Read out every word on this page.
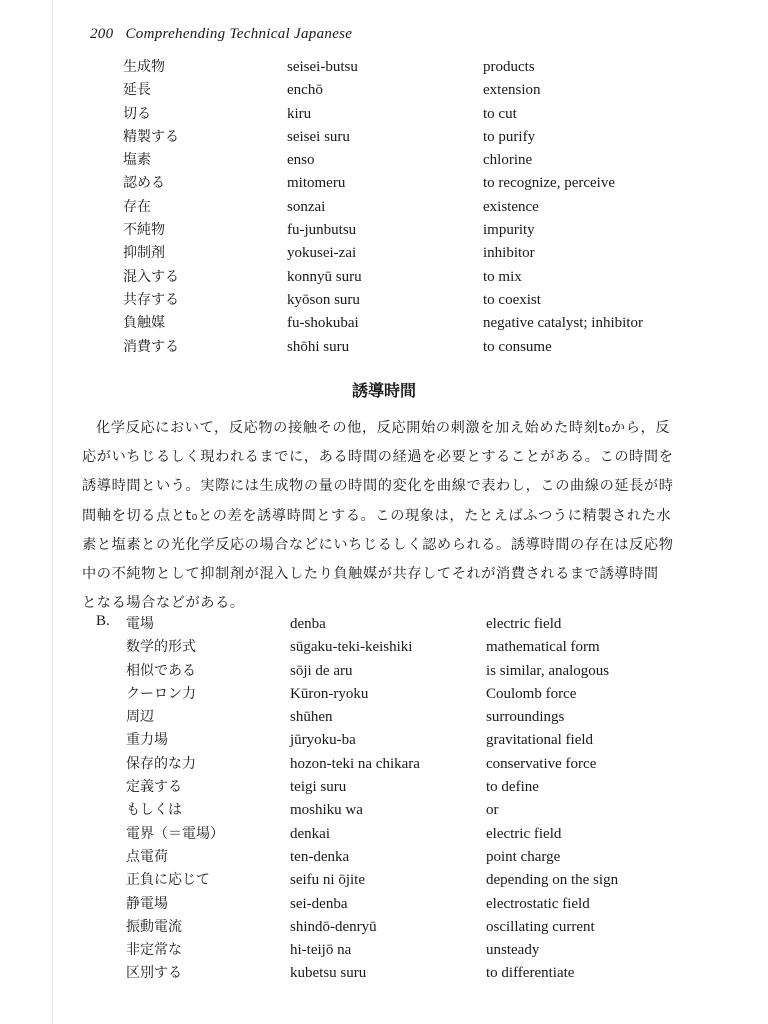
200 Comprehending Technical Japanese
生成物	seisei-butsu	products
延長	enchō	extension
切る	kiru	to cut
精製する	seisei suru	to purify
塩素	enso	chlorine
認める	mitomeru	to recognize, perceive
存在	sonzai	existence
不純物	fu-junbutsu	impurity
抑制剤	yokusei-zai	inhibitor
混入する	konnyū suru	to mix
共存する	kyōson suru	to coexist
負触媒	fu-shokubai	negative catalyst; inhibitor
消費する	shōhi suru	to consume
誘導時間
化学反応において，反応物の接触その他，反応開始の刺激を加え始めた時刻t₀から，反
応がいちじるしく現われるまでに，ある時間の経過を必要とすることがある。この時間を
誘導時間という。実際には生成物の量の時間的変化を曲線で表わし，この曲線の延長が時
間軸を切る点とt₀との差を誘導時間とする。この現象は，たとえばふつうに精製された水
素と塩素との光化学反応の場合などにいちじるしく認められる。誘導時間の存在は反応物
中の不純物として抑制剤が混入したり負触媒が共存してそれが消費されるまで誘導時間
となる場合などがある。
B. 電場	denba	electric field
数学的形式	sūgaku-teki-keishiki	mathematical form
相似である	sōji de aru	is similar, analogous
クーロン力	Kūron-ryoku	Coulomb force
周辺	shūhen	surroundings
重力場	jūryoku-ba	gravitational field
保存的な力	hozon-teki na chikara	conservative force
定義する	teigi suru	to define
もしくは	moshiku wa	or
電界（＝電場）	denkai	electric field
点電荷	ten-denka	point charge
正負に応じて	seifu ni ōjite	depending on the sign
静電場	sei-denba	electrostatic field
振動電流	shindō-denryū	oscillating current
非定常な	hi-teijō na	unsteady
区別する	kubetsu suru	to differentiate
